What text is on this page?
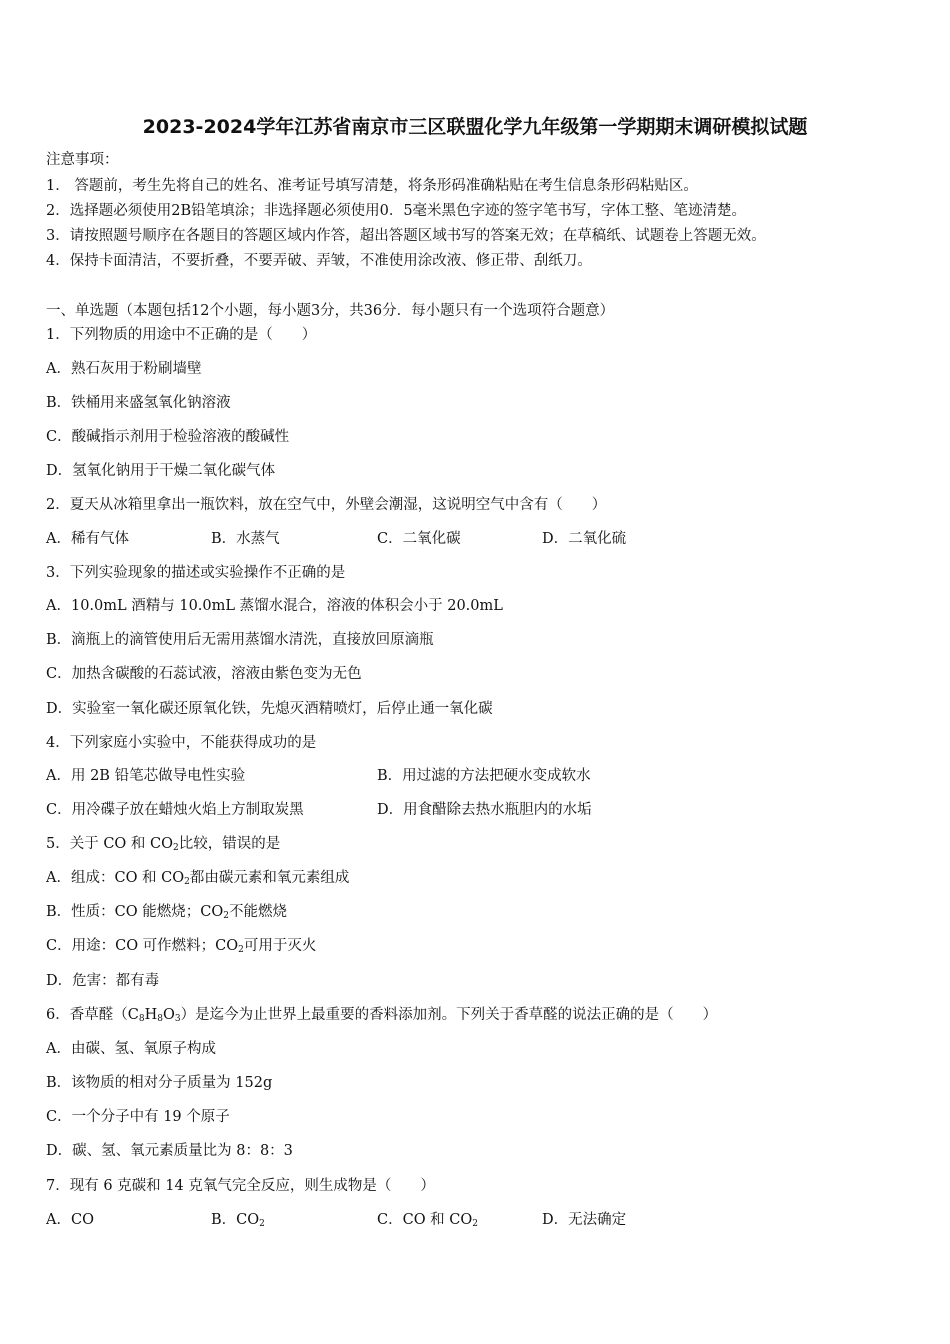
2023-2024学年江苏省南京市三区联盟化学九年级第一学期期末调研模拟试题
注意事项：
1． 答题前，考生先将自己的姓名、准考证号填写清楚，将条形码准确粘贴在考生信息条形码粘贴区。
2．选择题必须使用2B铅笔填涂；非选择题必须使用0．5毫米黑色字迹的签字笔书写，字体工整、笔迹清楚。
3．请按照题号顺序在各题目的答题区域内作答，超出答题区域书写的答案无效；在草稿纸、试题卷上答题无效。
4．保持卡面清洁，不要折叠，不要弄破、弄皱，不准使用涂改液、修正带、刮纸刀。
一、单选题（本题包括12个小题，每小题3分，共36分．每小题只有一个选项符合题意）
1．下列物质的用途中不正确的是（　　）
A．熟石灰用于粉刷墙壁
B．铁桶用来盛氢氧化钠溶液
C．酸碱指示剂用于检验溶液的酸碱性
D．氢氧化钠用于干燥二氧化碳气体
2．夏天从冰箱里拿出一瓶饮料，放在空气中，外壁会潮湿，这说明空气中含有（　　）
A．稀有气体	B．水蒸气	C．二氧化碳	D．二氧化硫
3．下列实验现象的描述或实验操作不正确的是
A．10.0mL 酒精与 10.0mL 蒸馏水混合，溶液的体积会小于 20.0mL
B．滴瓶上的滴管使用后无需用蒸馏水清洗，直接放回原滴瓶
C．加热含碳酸的石蕊试液，溶液由紫色变为无色
D．实验室一氧化碳还原氧化铁，先熄灭酒精喷灯，后停止通一氧化碳
4．下列家庭小实验中，不能获得成功的是
A．用 2B 铅笔芯做导电性实验	B．用过滤的方法把硬水变成软水
C．用冷碟子放在蜡烛火焰上方制取炭黑	D．用食醋除去热水瓶胆内的水垢
5．关于 CO 和 $CO_2$比较，错误的是
A．组成：CO 和 $CO_2$都由碳元素和氧元素组成
B．性质：CO 能燃烧；$CO_2$不能燃烧
C．用途：CO 可作燃料；$CO_2$可用于灭火
D．危害：都有毒
6．香草醛$(C_8H_8O_3)$是迄今为止世界上最重要的香料添加剂。下列关于香草醛的说法正确的是（　　）
A．由碳、氢、氧原子构成
B．该物质的相对分子质量为 152g
C．一个分子中有 19 个原子
D．碳、氢、氧元素质量比为 8：8：3
7．现有 6 克碳和 14 克氧气完全反应，则生成物是（　　）
A．CO	B．$CO_2$	C．CO 和 $CO_2$	D．无法确定
